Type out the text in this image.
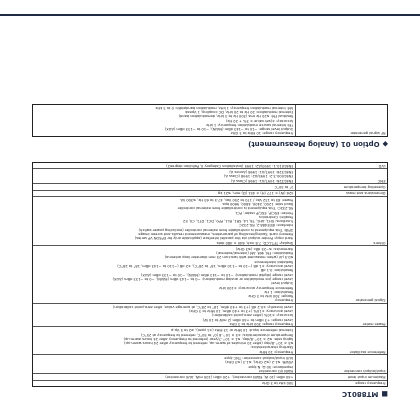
■MT8801C
Frequency range
300 kHz to 3 GHz
Maximum input level
+40 dBm (10 W, MAIN connector), +20 dBm (100 mW, AUX connector)
Input/output connector
MAIN I/O connector
Impedance: 50 Ω, N-type
VSWR: ≤1.2 (≤2 GHz), ≤1.3 (≤3 GHz)
AUX input/output connector: TNC-type
Reference oscillator
Frequency: 10 MHz
Starting characteristics:
≤5 × 10^-8/day (after 10 minutes of warm-up, referred to frequency after 24 hours warm-up)
Aging rate: ≤2 × 10^-8/day, ≤1 × 10^-7/year (referred to frequency after 24 hours warm-up)
Temperature characteristics: ±5 × 10^-8 (0° to 50°C, referred to frequency at 25°C)
External reference input: 10 MHz or 13 MHz (±1 ppm), ≥2 to 5 Vp-p
Power meter
Frequency range: 300 kHz to 3 GHz
Level range: +3 dBm to +40 dBm (2 mW to 10 W)
Accuracy: ±10% (after zero-point calibration)
Level accuracy: ±10% (+3 to +40 dBm, 10 MHz to 3 GHz)
Level linearity: ±0.2 dB (+3 to +40 dBm, 18° to 28°C, at average value, after zero-point calibration)
Signal generator
Frequency
Range: 300 kHz to 3 GHz
Resolution: 1 Hz
Reference frequency accuracy: ±100 kHz
Output level
Level range (no modulation or analog modulation): −0 to −143 dBm (MAIN), −0 to −133 dBm (AUX)
Level range (digital modulation): −10 to −143 dBm (MAIN), −10 to −133 dBm (AUX)
Resolution: 0.1 dB
Level accuracy: ±1 dB (−10 to −110 dBm, 18° to 28°C), ±2 dB (−110 to −143 dBm, 18° to 28°C)
Radiated interference
≤0.5 μV (when measured with two-turn 25 mm diameter loop antenna)
Modulation: FM, ΦM, AM (internal/external)
Harmonics: ≤−25 dBc (≤3 GHz)
Others
Display: TFT-LCD, 7.8 inch, 640 × 480 dots
Hard copy: Printer output via the parallel interface (applicable only for EPSON VP series)
Memory card: Saving/recalling of parameters, measurement results and screen image
GPIB: This equipment is controllable from external controller (excluding power switch)
Interface: IEEE488.2, RS-232C
Functions: SH1, AH1, T6, L4, SR1, RL1, PP0, DC1, DT1, C0, E2
Parallel: Centronics
Printer: ESC/P, ESC/P raster, PCL
RS-232C: This equipment is controllable from external controller
Baud rate: 1200, 2400, 4800, 9600 bps
Power: 85 to 132 Vac / 170 to 250 Vac, 47.5 to 63 Hz, ≤300 VA
Dimensions and mass
426 (W) × 177 (H) × 451 (D) mm, ≤21 kg
Operating temperature
0° to 50°C
EMC
EN61326: 1997/A1: 1998 (Class A)
EN61000-3-2: 1995/A2: 1998 (Class A)
EN61326: 1997/A1: 1998 (Annex A)
LVD
EN61010-1: 1993/A2: 1995 (Installation Category II, Pollution degree2)
◆Option 01 (Analog Measurement)
RF signal generator
Frequency range: 10 MHz to 3 GHz
Output level range: −10 to −143 dBm (MAIN), −10 to −133 dBm (AUX)
FM: Internal source modulation frequency: 1 kHz
Accuracy: ±(set value × 3% + 20 Hz)
Residual FM: ≤20 Hz rms (300 Hz to 3 kHz, demodulation band)
External modulation: 20 Hz to 20 kHz, DC coupling, 1 Vpeak
AM: Internal modulation frequency: 1 kHz, modulation bandwidth: 0 to 3 kHz
